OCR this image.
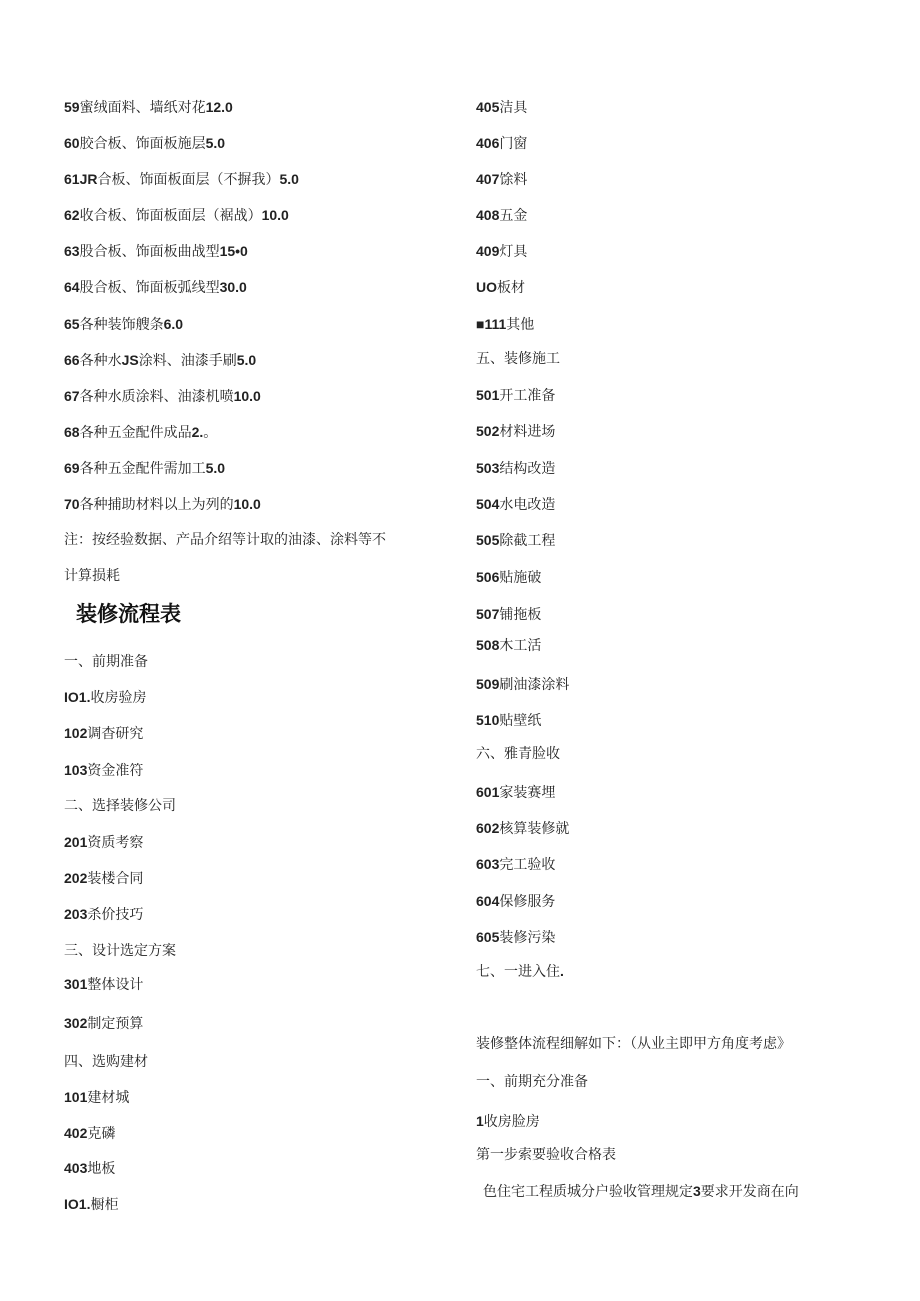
59蜜绒面料、墙纸对花12.0
60胶合板、饰面板施层5.0
61JR合板、饰面板面层（不摒我）5.0
62收合板、饰面板面层（裾战）10.0
63股合板、饰面板曲战型15•0
64股合板、饰面板弧线型30.0
65各种装饰艘条6.0
66各种水JS涂料、油漆手刷5.0
67各种水质涂料、油漆机喷10.0
68各种五金配件成品2.。
69各种五金配件需加工5.0
70各种捕助材料以上为列的10.0
注：按经验数据、产品介绍等计取的油漆、涂料等不
计算损耗
装修流程表
一、前期准备
IO1.收房验房
102调杳研究
103资金准符
二、选择装修公司
201资质考察
202装楼合同
203杀价技巧
三、设计选定方案
301整体设计
302制定预算
四、选购建材
101建材城
402克磷
403地板
IO1.橱柜
405洁具
406门窗
407馀料
408五金
409灯具
UO板材
■111其他
五、装修施工
501开工准备
502材料进场
503结构改造
504水电改造
505除截工程
506贴施破
507铺拖板
508木工活
509刷油漆涂料
510贴壁纸
六、雅青脸收
601家装赛埋
602核算装修就
603完工验收
604保修服务
605装修污染
七、一进入住.
装修整体流程细解如下：（从业主即甲方角度考虑》
一、前期充分准备
1收房脸房
第一步索要验收合格表
色住宅工程质城分户验收管理规定3要求开发商在向
